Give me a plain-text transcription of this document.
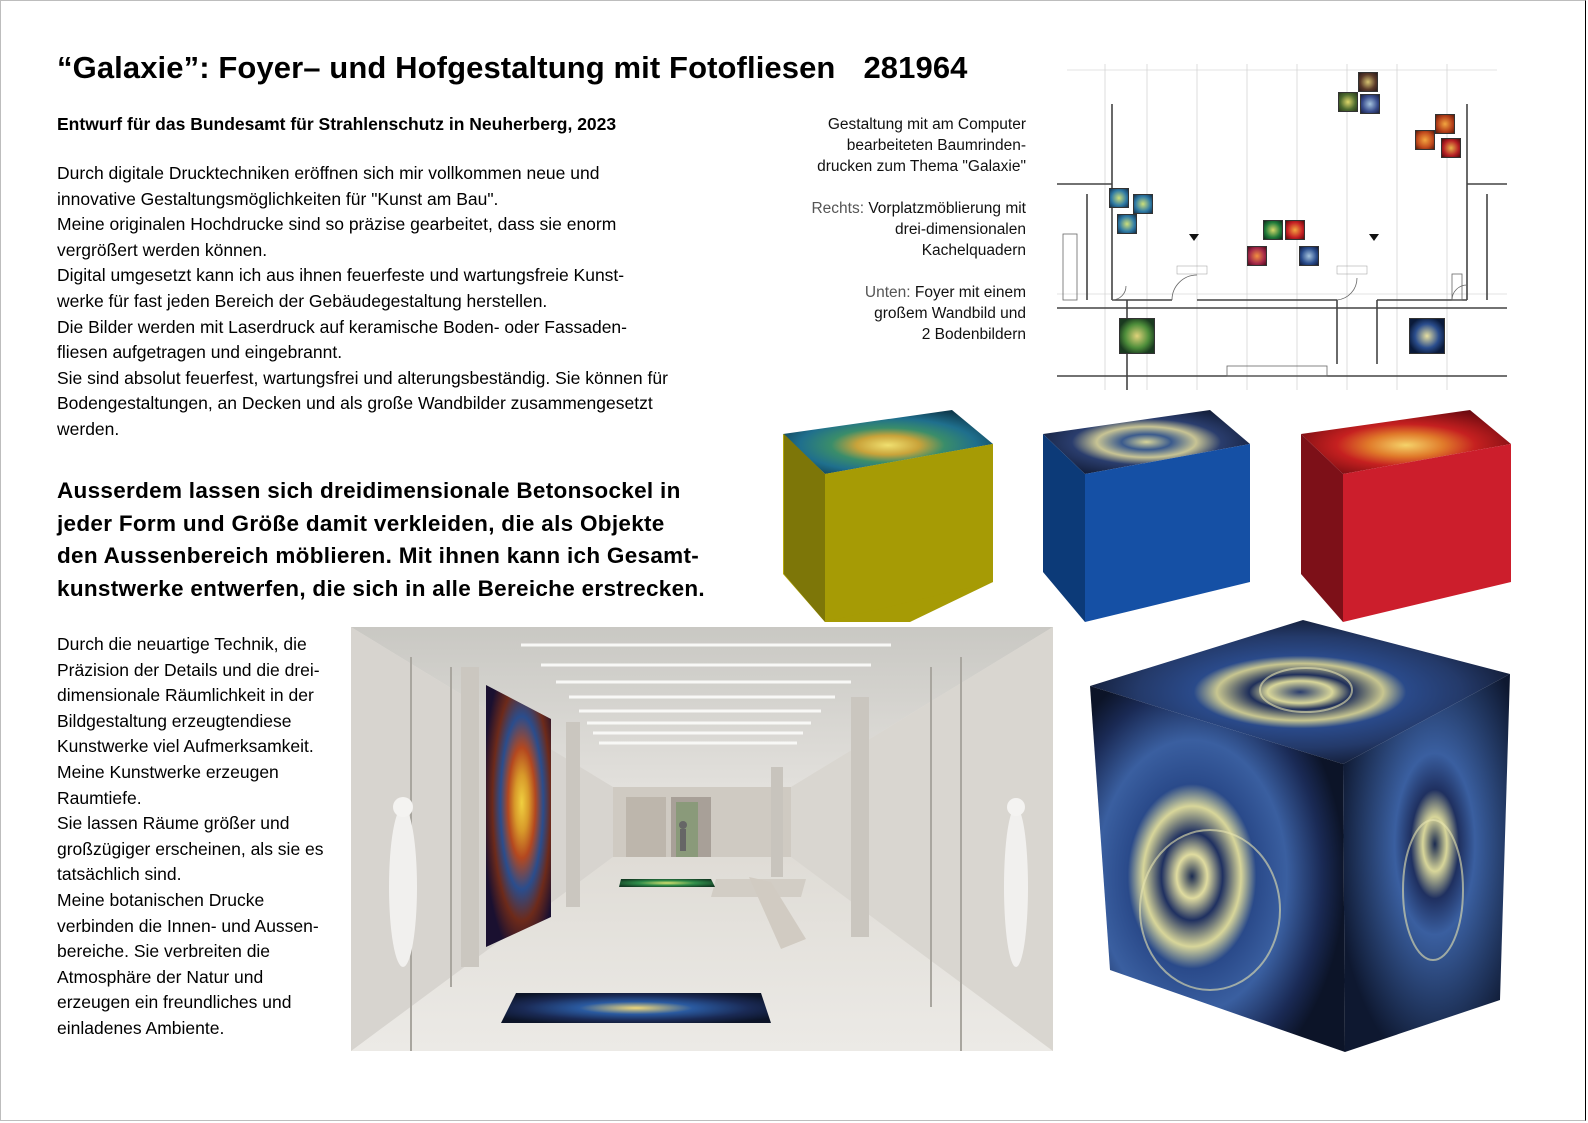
“Galaxie”: Foyer– und Hofgestaltung mit Fotofliesen 281964
Entwurf für das Bundesamt für Strahlenschutz in Neuherberg, 2023

Durch digitale Drucktechniken eröffnen sich mir vollkommen neue und

innovative Gestaltungsmöglichkeiten für "Kunst am Bau".

Meine originalen Hochdrucke sind so präzise gearbeitet, dass sie enorm

vergrößert werden können.

Digital umgesetzt kann ich aus ihnen feuerfeste und wartungsfreie Kunst-

werke für fast jeden Bereich der Gebäudegestaltung herstellen.

Die Bilder werden mit Laserdruck auf keramische Boden- oder Fassaden-

fliesen aufgetragen und eingebrannt.

Sie sind absolut feuerfest, wartungsfrei und alterungsbeständig. Sie können für

Bodengestaltungen, an Decken und als große Wandbilder zusammengesetzt

werden.

Ausserdem lassen sich dreidimensionale Betonsockel in

jeder Form und Größe damit verkleiden, die als Objekte

den Aussenbereich möblieren. Mit ihnen kann ich Gesamt-

kunstwerke entwerfen, die sich in alle Bereiche erstrecken.

Durch die neuartige Technik, die

Präzision der Details und die drei-

dimensionale Räumlichkeit in der

Bildgestaltung erzeugtendiese

Kunstwerke viel Aufmerksamkeit.

Meine Kunstwerke erzeugen

Raumtiefe.

Sie lassen Räume größer und

großzügiger erscheinen, als sie es

tatsächlich sind.

Meine botanischen Drucke

verbinden die Innen- und Aussen-

bereiche. Sie verbreiten die

Atmosphäre der Natur und

erzeugen ein freundliches und

einladenes Ambiente.

Gestaltung mit am Computer
bearbeiteten Baumrinden-
drucken zum Thema "Galaxie"
Rechts: Vorplatzmöblierung mit
drei-dimensionalen
Kachelquadern
Unten: Foyer mit einem
großem Wandbild und
2 Bodenbildern
